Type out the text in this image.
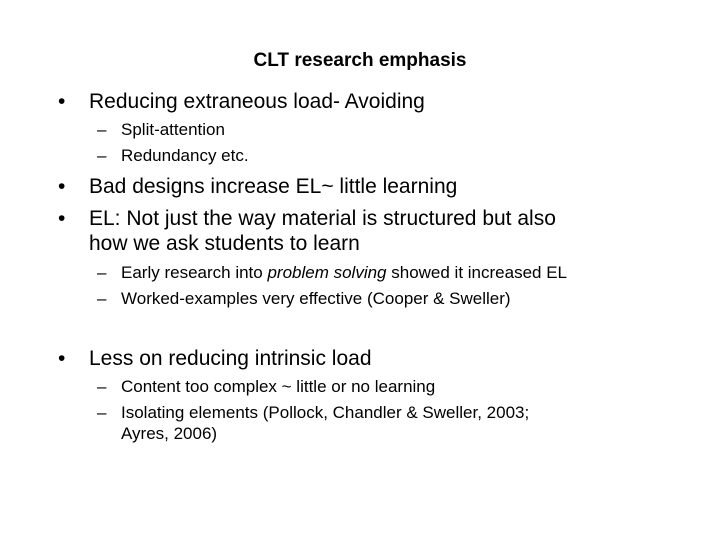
CLT research emphasis
• Reducing extraneous load- Avoiding
– Split-attention
– Redundancy etc.
• Bad designs increase EL~ little learning
• EL: Not just the way material is structured but also
how we ask students to learn
– Early research into problem solving showed it increased EL
– Worked-examples very effective (Cooper & Sweller)
• Less on reducing intrinsic load
– Content too complex ~ little or no learning
– Isolating elements (Pollock, Chandler & Sweller, 2003;
Ayres, 2006)
